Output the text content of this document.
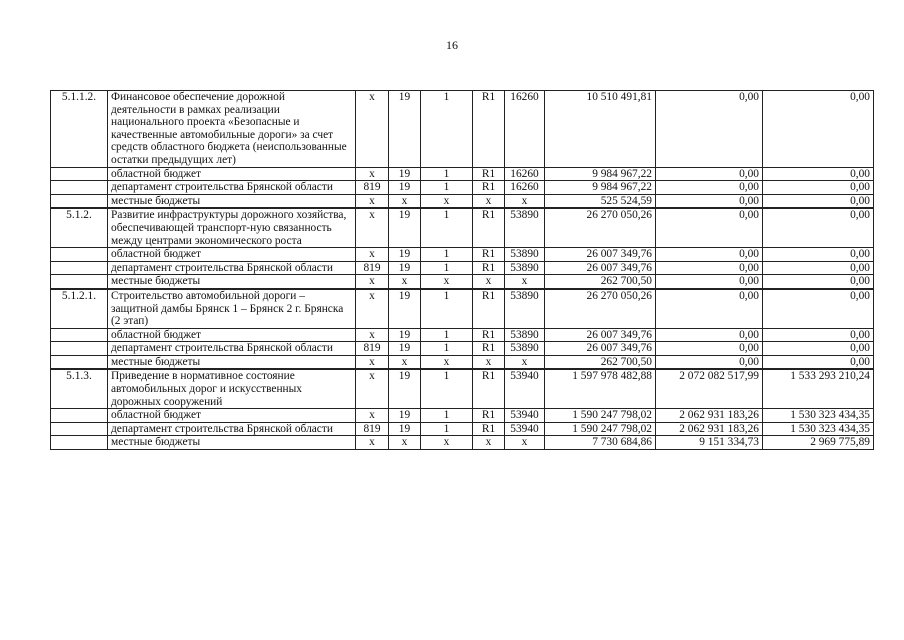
16
5.1.1.2.	Финансовое обеспечение дорожной деятельности в рамках реализации национального проекта «Безопасные и качественные автомобильные дороги» за счет средств областного бюджета (неиспользованные остатки предыдущих лет)	х	19	1	R1	16260	10 510 491,81	0,00	0,00
	областной бюджет	х	19	1	R1	16260	9 984 967,22	0,00	0,00
	департамент строительства Брянской области	819	19	1	R1	16260	9 984 967,22	0,00	0,00
	местные бюджеты	х	х	х	х	х	525 524,59	0,00	0,00
5.1.2.	Развитие инфраструктуры дорожного хозяйства, обеспечивающей транспорт-ную связанность между центрами экономического роста	х	19	1	R1	53890	26 270 050,26	0,00	0,00
	областной бюджет	х	19	1	R1	53890	26 007 349,76	0,00	0,00
	департамент строительства Брянской области	819	19	1	R1	53890	26 007 349,76	0,00	0,00
	местные бюджеты	х	х	х	х	х	262 700,50	0,00	0,00
5.1.2.1.	Строительство автомобильной дороги – защитной дамбы Брянск 1 – Брянск 2 г. Брянска (2 этап)	х	19	1	R1	53890	26 270 050,26	0,00	0,00
	областной бюджет	х	19	1	R1	53890	26 007 349,76	0,00	0,00
	департамент строительства Брянской области	819	19	1	R1	53890	26 007 349,76	0,00	0,00
	местные бюджеты	х	х	х	х	х	262 700,50	0,00	0,00
5.1.3.	Приведение в нормативное состояние автомобильных дорог и искусственных дорожных сооружений	х	19	1	R1	53940	1 597 978 482,88	2 072 082 517,99	1 533 293 210,24
	областной бюджет	х	19	1	R1	53940	1 590 247 798,02	2 062 931 183,26	1 530 323 434,35
	департамент строительства Брянской области	819	19	1	R1	53940	1 590 247 798,02	2 062 931 183,26	1 530 323 434,35
	местные бюджеты	х	х	х	х	х	7 730 684,86	9 151 334,73	2 969 775,89
